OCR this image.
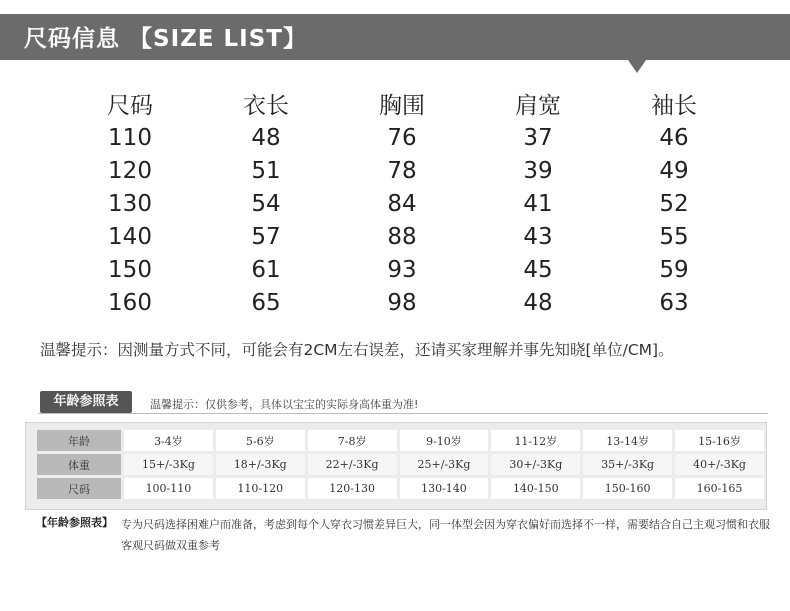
尺码信息 【SIZE LIST】
尺码	衣长	胸围	肩宽	袖长
110	48	76	37	46
120	51	78	39	49
130	54	84	41	52
140	57	88	43	55
150	61	93	45	59
160	65	98	48	63
温馨提示：因测量方式不同，可能会有2CM左右误差，还请买家理解并事先知晓[单位/CM]。
年龄参照表	温馨提示：仅供参考，具体以宝宝的实际身高体重为准!
年龄	3-4岁	5-6岁	7-8岁	9-10岁	11-12岁	13-14岁	15-16岁
体重	15+/-3Kg	18+/-3Kg	22+/-3Kg	25+/-3Kg	30+/-3Kg	35+/-3Kg	40+/-3Kg
尺码	100-110	110-120	120-130	130-140	140-150	150-160	160-165
【年龄参照表】 专为尺码选择困难户而准备，考虑到每个人穿衣习惯差异巨大，同一体型会因为穿衣偏好而选择不一样，需要结合自己主观习惯和衣服客观尺码做双重参考
